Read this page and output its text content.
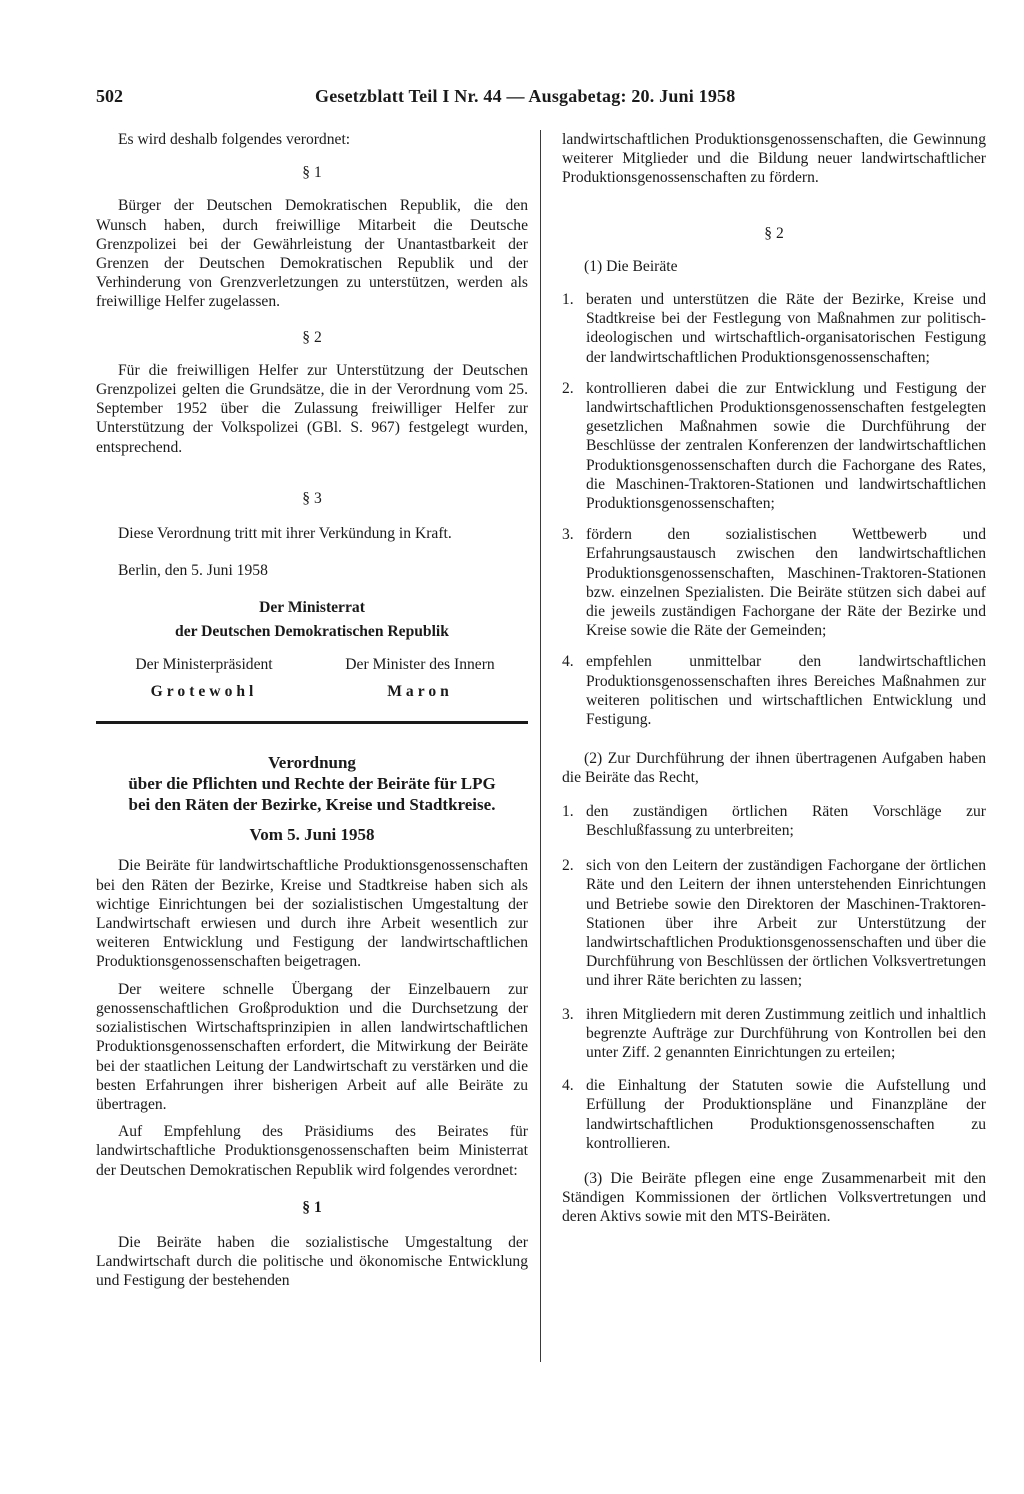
502	Gesetzblatt Teil I Nr. 44 — Ausgabetag: 20. Juni 1958

Es wird deshalb folgendes verordnet:

§ 1

Bürger der Deutschen Demokratischen Republik, die den Wunsch haben, durch freiwillige Mitarbeit die Deutsche Grenzpolizei bei der Gewährleistung der Unantastbarkeit der Grenzen der Deutschen Demokratischen Republik und der Verhinderung von Grenzverletzungen zu unterstützen, werden als freiwillige Helfer zugelassen.

§ 2

Für die freiwilligen Helfer zur Unterstützung der Deutschen Grenzpolizei gelten die Grundsätze, die in der Verordnung vom 25. September 1952 über die Zulassung freiwilliger Helfer zur Unterstützung der Volkspolizei (GBl. S. 967) festgelegt wurden, entsprechend.

§ 3

Diese Verordnung tritt mit ihrer Verkündung in Kraft.

Berlin, den 5. Juni 1958

Der Ministerrat

der Deutschen Demokratischen Republik

Der Ministerpräsident	Der Minister des Innern
Grotewohl	Maron
Verordnung
über die Pflichten und Rechte der Beiräte für LPG
bei den Räten der Bezirke, Kreise und Stadtkreise.

Vom 5. Juni 1958

Die Beiräte für landwirtschaftliche Produktionsgenossenschaften bei den Räten der Bezirke, Kreise und Stadtkreise haben sich als wichtige Einrichtungen bei der sozialistischen Umgestaltung der Landwirtschaft erwiesen und durch ihre Arbeit wesentlich zur weiteren Entwicklung und Festigung der landwirtschaftlichen Produktionsgenossenschaften beigetragen.

Der weitere schnelle Übergang der Einzelbauern zur genossenschaftlichen Großproduktion und die Durchsetzung der sozialistischen Wirtschaftsprinzipien in allen landwirtschaftlichen Produktionsgenossenschaften erfordert, die Mitwirkung der Beiräte bei der staatlichen Leitung der Landwirtschaft zu verstärken und die besten Erfahrungen ihrer bisherigen Arbeit auf alle Beiräte zu übertragen.

Auf Empfehlung des Präsidiums des Beirates für landwirtschaftliche Produktionsgenossenschaften beim Ministerrat der Deutschen Demokratischen Republik wird folgendes verordnet:

§ 1

Die Beiräte haben die sozialistische Umgestaltung der Landwirtschaft durch die politische und ökonomische Entwicklung und Festigung der bestehenden

landwirtschaftlichen Produktionsgenossenschaften, die Gewinnung weiterer Mitglieder und die Bildung neuer landwirtschaftlicher Produktionsgenossenschaften zu fördern.

§ 2

(1) Die Beiräte

1. beraten und unterstützen die Räte der Bezirke, Kreise und Stadtkreise bei der Festlegung von Maßnahmen zur politisch-ideologischen und wirtschaftlich-organisatorischen Festigung der landwirtschaftlichen Produktionsgenossenschaften;
2. kontrollieren dabei die zur Entwicklung und Festigung der landwirtschaftlichen Produktionsgenossenschaften festgelegten gesetzlichen Maßnahmen sowie die Durchführung der Beschlüsse der zentralen Konferenzen der landwirtschaftlichen Produktionsgenossenschaften durch die Fachorgane des Rates, die Maschinen-Traktoren-Stationen und landwirtschaftlichen Produktionsgenossenschaften;
3. fördern den sozialistischen Wettbewerb und Erfahrungsaustausch zwischen den landwirtschaftlichen Produktionsgenossenschaften, Maschinen-Traktoren-Stationen bzw. einzelnen Spezialisten. Die Beiräte stützen sich dabei auf die jeweils zuständigen Fachorgane der Räte der Bezirke und Kreise sowie die Räte der Gemeinden;
4. empfehlen unmittelbar den landwirtschaftlichen Produktionsgenossenschaften ihres Bereiches Maßnahmen zur weiteren politischen und wirtschaftlichen Entwicklung und Festigung.

(2) Zur Durchführung der ihnen übertragenen Aufgaben haben die Beiräte das Recht,

1. den zuständigen örtlichen Räten Vorschläge zur Beschlußfassung zu unterbreiten;
2. sich von den Leitern der zuständigen Fachorgane der örtlichen Räte und den Leitern der ihnen unterstehenden Einrichtungen und Betriebe sowie den Direktoren der Maschinen-Traktoren-Stationen über ihre Arbeit zur Unterstützung der landwirtschaftlichen Produktionsgenossenschaften und über die Durchführung von Beschlüssen der örtlichen Volksvertretungen und ihrer Räte berichten zu lassen;
3. ihren Mitgliedern mit deren Zustimmung zeitlich und inhaltlich begrenzte Aufträge zur Durchführung von Kontrollen bei den unter Ziff. 2 genannten Einrichtungen zu erteilen;
4. die Einhaltung der Statuten sowie die Aufstellung und Erfüllung der Produktionspläne und Finanzpläne der landwirtschaftlichen Produktionsgenossenschaften zu kontrollieren.

(3) Die Beiräte pflegen eine enge Zusammenarbeit mit den Ständigen Kommissionen der örtlichen Volksvertretungen und deren Aktivs sowie mit den MTS-Beiräten.
